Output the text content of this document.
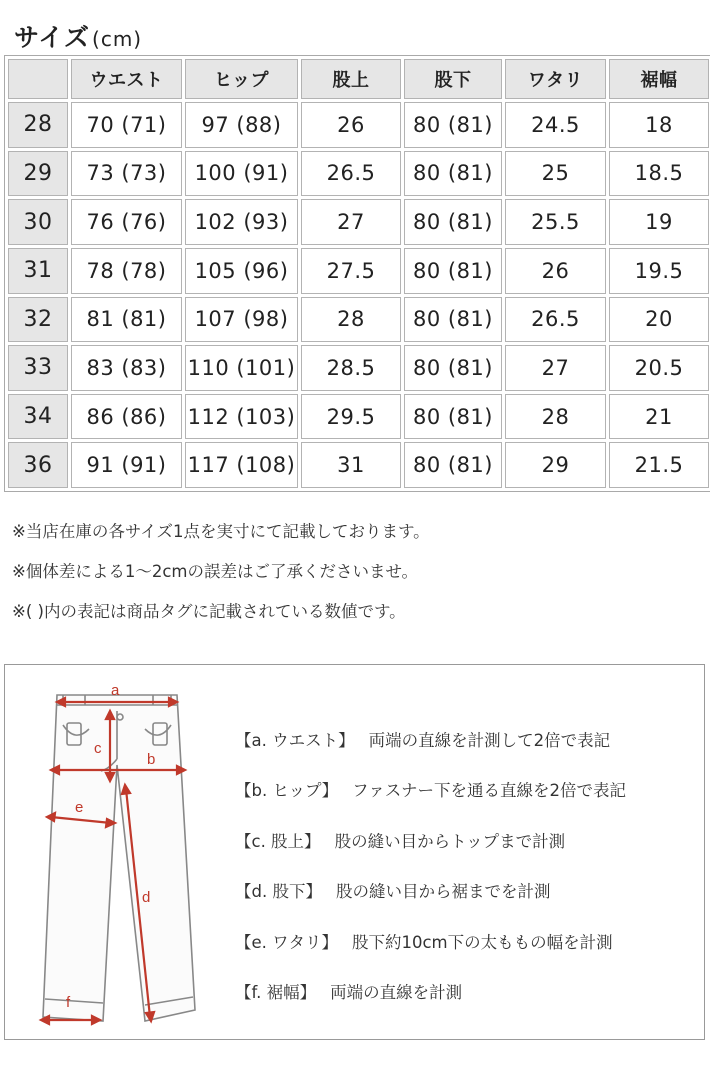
サイズ (cm)
	ウエスト	ヒップ	股上	股下	ワタリ	裾幅
28	70 (71)	97 (88)	26	80 (81)	24.5	18
29	73 (73)	100 (91)	26.5	80 (81)	25	18.5
30	76 (76)	102 (93)	27	80 (81)	25.5	19
31	78 (78)	105 (96)	27.5	80 (81)	26	19.5
32	81 (81)	107 (98)	28	80 (81)	26.5	20
33	83 (83)	110 (101)	28.5	80 (81)	27	20.5
34	86 (86)	112 (103)	29.5	80 (81)	28	21
36	91 (91)	117 (108)	31	80 (81)	29	21.5
※当店在庫の各サイズ1点を実寸にて記載しております。
※個体差による1〜2cmの誤差はご了承くださいませ。
※( )内の表記は商品タグに記載されている数値です。
a
b
c
d
e
f
【a. ウエスト】 両端の直線を計測して2倍で表記
【b. ヒップ】 ファスナー下を通る直線を2倍で表記
【c. 股上】 股の縫い目からトップまで計測
【d. 股下】 股の縫い目から裾までを計測
【e. ワタリ】 股下約10cm下の太ももの幅を計測
【f. 裾幅】 両端の直線を計測
